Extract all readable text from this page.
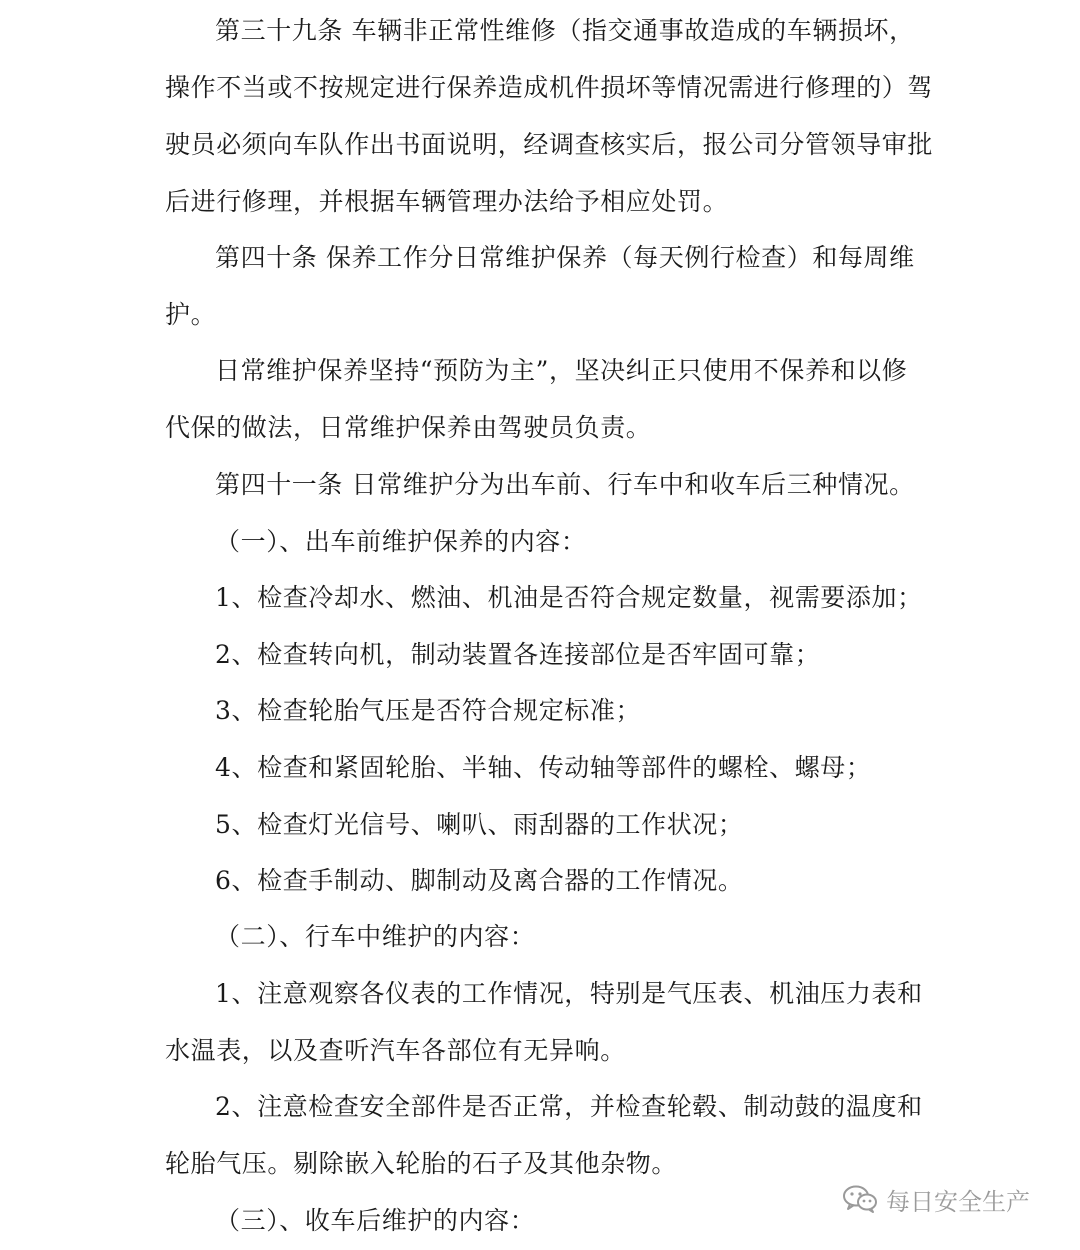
第三十九条 车辆非正常性维修（指交通事故造成的车辆损坏，
操作不当或不按规定进行保养造成机件损坏等情况需进行修理的）驾
驶员必须向车队作出书面说明，经调查核实后，报公司分管领导审批
后进行修理，并根据车辆管理办法给予相应处罚。
第四十条 保养工作分日常维护保养（每天例行检查）和每周维
护。
日常维护保养坚持“预防为主”，坚决纠正只使用不保养和以修
代保的做法，日常维护保养由驾驶员负责。
第四十一条 日常维护分为出车前、行车中和收车后三种情况。
（一）、出车前维护保养的内容：
1、检查冷却水、燃油、机油是否符合规定数量，视需要添加；
2、检查转向机，制动装置各连接部位是否牢固可靠；
3、检查轮胎气压是否符合规定标准；
4、检查和紧固轮胎、半轴、传动轴等部件的螺栓、螺母；
5、检查灯光信号、喇叭、雨刮器的工作状况；
6、检查手制动、脚制动及离合器的工作情况。
（二）、行车中维护的内容：
1、注意观察各仪表的工作情况，特别是气压表、机油压力表和
水温表，以及查听汽车各部位有无异响。
2、注意检查安全部件是否正常，并检查轮毂、制动鼓的温度和
轮胎气压。剔除嵌入轮胎的石子及其他杂物。
（三）、收车后维护的内容：
每日安全生产
